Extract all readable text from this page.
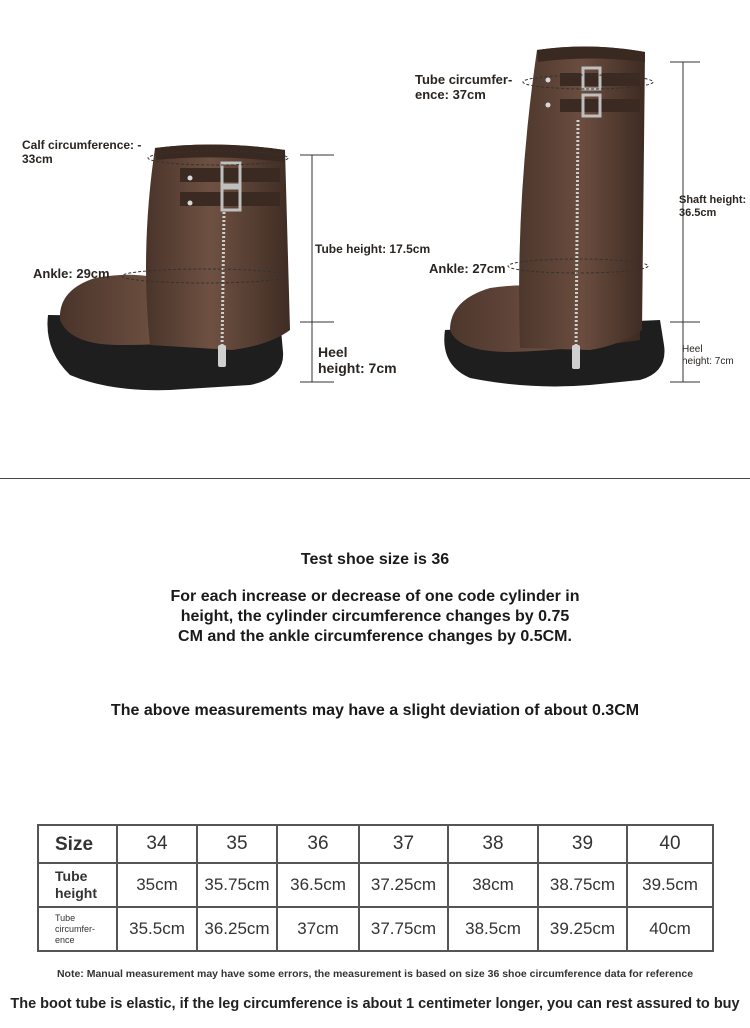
Calf circumference: -
33cm
Ankle: 29cm
Tube height: 17.5cm
Heel
height: 7cm
Tube circumfer-
ence: 37cm
Ankle: 27cm
Shaft height:
36.5cm
Heel
height: 7cm
Test shoe size is 36
For each increase or decrease of one code cylinder in
height, the cylinder circumference changes by 0.75
CM and the ankle circumference changes by 0.5CM.
The above measurements may have a slight deviation of about 0.3CM
Size	34	35	36	37	38	39	40
Tube
height	35cm	35.75cm	36.5cm	37.25cm	38cm	38.75cm	39.5cm
Tube
circumfer-
ence	35.5cm	36.25cm	37cm	37.75cm	38.5cm	39.25cm	40cm
Note: Manual measurement may have some errors, the measurement is based on size 36 shoe circumference data for reference
The boot tube is elastic, if the leg circumference is about 1 centimeter longer, you can rest assured to buy
